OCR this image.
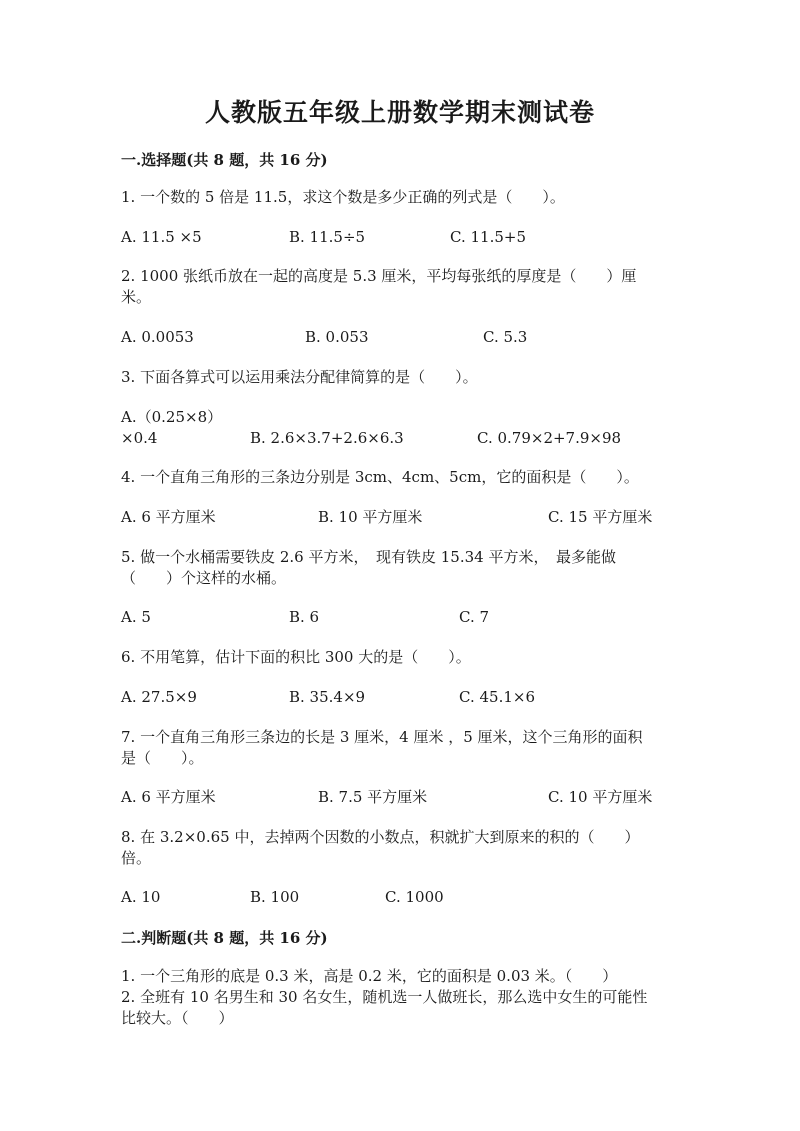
人教版五年级上册数学期末测试卷
一.选择题(共 8 题，共 16 分)
1. 一个数的 5 倍是 11.5，求这个数是多少正确的列式是（　　）。
A. 11.5 ×5	B. 11.5÷5	C. 11.5+5
2. 1000 张纸币放在一起的高度是 5.3 厘米，平均每张纸的厚度是（　　）厘
米。
A. 0.0053	B. 0.053	C. 5.3
3. 下面各算式可以运用乘法分配律简算的是（　　）。
A.（0.25×8）
×0.4	B. 2.6×3.7+2.6×6.3	C. 0.79×2+7.9×98
4. 一个直角三角形的三条边分别是 3cm、4cm、5cm，它的面积是（　　）。
A. 6 平方厘米	B. 10 平方厘米	C. 15 平方厘米
5. 做一个水桶需要铁皮 2.6 平方米，　现有铁皮 15.34 平方米，　最多能做
（　　）个这样的水桶。
A. 5	B. 6	C. 7
6. 不用笔算，估计下面的积比 300 大的是（　　）。
A. 27.5×9	B. 35.4×9	C. 45.1×6
7. 一个直角三角形三条边的长是 3 厘米，4 厘米 ，5 厘米，这个三角形的面积
是（　　）。
A. 6 平方厘米	B. 7.5 平方厘米	C. 10 平方厘米
8. 在 3.2×0.65 中，去掉两个因数的小数点，积就扩大到原来的积的（　　）
倍。
A. 10	B. 100	C. 1000
二.判断题(共 8 题，共 16 分)
1. 一个三角形的底是 0.3 米，高是 0.2 米，它的面积是 0.03 米。（　　）
2. 全班有 10 名男生和 30 名女生，随机选一人做班长，那么选中女生的可能性
比较大。（　　）
